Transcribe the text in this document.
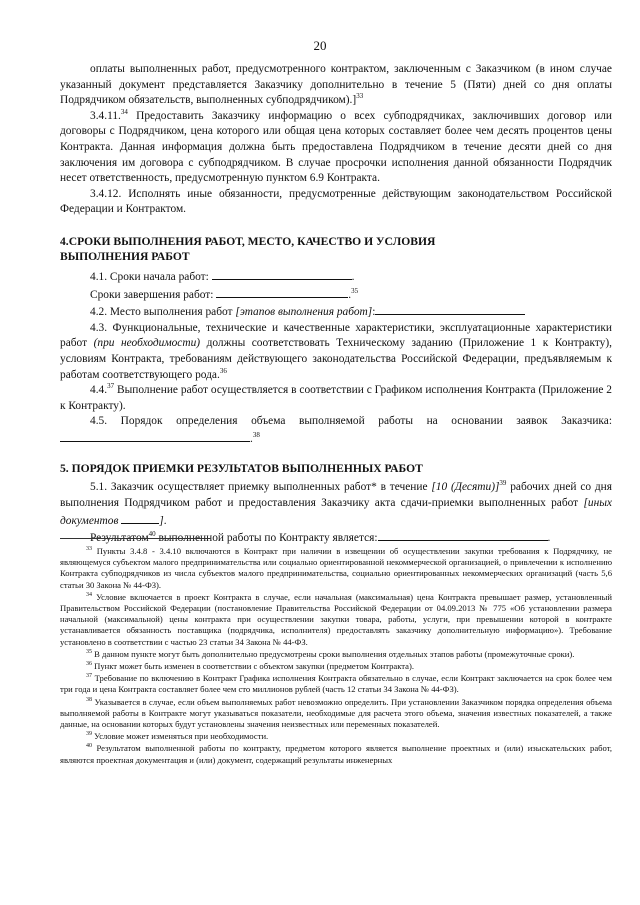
20

оплаты выполненных работ, предусмотренного контрактом, заключенным с Заказчиком (в ином случае указанный документ представляется Заказчику дополнительно в течение 5 (Пяти) дней со дня оплаты Подрядчиком обязательств, выполненных субподрядчиком).]$^{33}$

3.4.11.34 Предоставить Заказчику информацию о всех субподрядчиках, заключивших договор или договоры с Подрядчиком, цена которого или общая цена которых составляет более чем десять процентов цены Контракта. Данная информация должна быть предоставлена Подрядчиком в течение десяти дней со дня заключения им договора с субподрядчиком. В случае просрочки исполнения данной обязанности Подрядчик несет ответственность, предусмотренную пунктом 6.9 Контракта.

3.4.12. Исполнять иные обязанности, предусмотренные действующим законодательством Российской Федерации и Контрактом.

4.СРОКИ ВЫПОЛНЕНИЯ РАБОТ, МЕСТО, КАЧЕСТВО И УСЛОВИЯ

ВЫПОЛНЕНИЯ РАБОТ

4.1. Сроки начала работ:	.

Сроки завершения работ:	.$^{35}$

4.2. Место выполнения работ [этапов выполнения работ]:

4.3. Функциональные, технические и качественные характеристики, эксплуатационные характеристики работ (при необходимости) должны соответствовать Техническому заданию (Приложение 1 к Контракту), условиям Контракта, требованиям действующего законодательства Российской Федерации, предъявляемым к работам соответствующего рода.$^{36}$

4.4.37 Выполнение работ осуществляется в соответствии с Графиком исполнения Контракта (Приложение 2 к Контракту).

4.5. Порядок определения объема выполняемой работы на основании заявок Заказчика: .$^{38}$

5. ПОРЯДОК ПРИЕМКИ РЕЗУЛЬТАТОВ ВЫПОЛНЕННЫХ РАБОТ

5.1. Заказчик осуществляет приемку выполненных работ* в течение [10 (Десяти)]$^{39}$ рабочих дней со дня выполнения Подрядчиком работ и предоставления Заказчику акта сдачи-приемки выполненных работ [иных документов	].

Результатом$^{40}$ выполненной работы по Контракту является:	.

$^{33}$ Пункты 3.4.8 - 3.4.10 включаются в Контракт при наличии в извещении об осуществлении закупки требования к Подрядчику, не являющемуся субъектом малого предпринимательства или социально ориентированной некоммерческой организацией, о привлечении к исполнению Контракта субподрядчиков из числа субъектов малого предпринимательства, социально ориентированных некоммерческих организаций (часть 5,6 статьи 30 Закона № 44-ФЗ).

$^{34}$ Условие включается в проект Контракта в случае, если начальная (максимальная) цена Контракта превышает размер, установленный Правительством Российской Федерации (постановление Правительства Российской Федерации от 04.09.2013 № 775 «Об установлении размера начальной (максимальной) цены контракта при осуществлении закупки товара, работы, услуги, при превышении которой в контракте устанавливается обязанность поставщика (подрядчика, исполнителя) предоставлять заказчику дополнительную информацию»). Требование установлено в соответствии с частью 23 статьи 34 Закона № 44-ФЗ.

$^{35}$ В данном пункте могут быть дополнительно предусмотрены сроки выполнения отдельных этапов работы (промежуточные сроки).

$^{36}$ Пункт может быть изменен в соответствии с объектом закупки (предметом Контракта).

$^{37}$ Требование по включению в Контракт Графика исполнения Контракта обязательно в случае, если Контракт заключается на срок более чем три года и цена Контракта составляет более чем сто миллионов рублей (часть 12 статьи 34 Закона № 44-ФЗ).

$^{38}$ Указывается в случае, если объем выполняемых работ невозможно определить. При установлении Заказчиком порядка определения объема выполняемой работы в Контракте могут указываться показатели, необходимые для расчета этого объема, значения известных показателей, а также данные, на основании которых будут установлены значения неизвестных или переменных показателей.

$^{39}$ Условие может изменяться при необходимости.

$^{40}$ Результатом выполненной работы по контракту, предметом которого является выполнение проектных и (или) изыскательских работ, являются проектная документация и (или) документ, содержащий результаты инженерных
